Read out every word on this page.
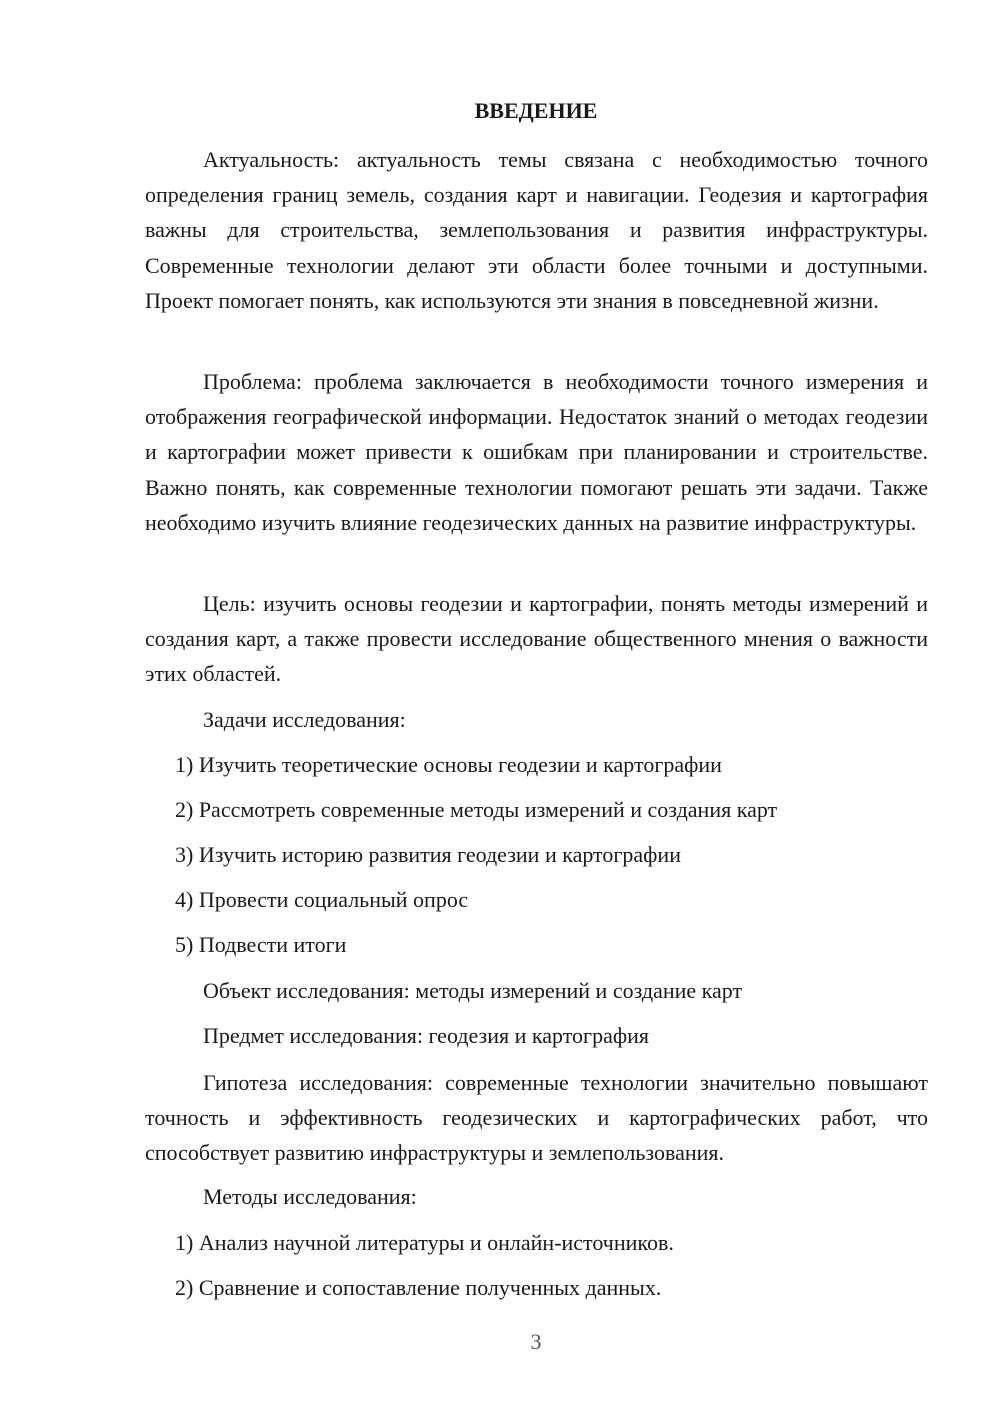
ВВЕДЕНИЕ

Актуальность: актуальность темы связана с необходимостью точного определения границ земель, создания карт и навигации. Геодезия и картография важны для строительства, землепользования и развития инфраструктуры. Современные технологии делают эти области более точными и доступными. Проект помогает понять, как используются эти знания в повседневной жизни.

Проблема: проблема заключается в необходимости точного измерения и отображения географической информации. Недостаток знаний о методах геодезии и картографии может привести к ошибкам при планировании и строительстве. Важно понять, как современные технологии помогают решать эти задачи. Также необходимо изучить влияние геодезических данных на развитие инфраструктуры.

Цель: изучить основы геодезии и картографии, понять методы измерений и создания карт, а также провести исследование общественного мнения о важности этих областей.

Задачи исследования:

1) Изучить теоретические основы геодезии и картографии

2) Рассмотреть современные методы измерений и создания карт

3) Изучить историю развития геодезии и картографии

4) Провести социальный опрос

5) Подвести итоги

Объект исследования: методы измерений и создание карт

Предмет исследования: геодезия и картография

Гипотеза исследования: современные технологии значительно повышают точность и эффективность геодезических и картографических работ, что способствует развитию инфраструктуры и землепользования.

Методы исследования:

1) Анализ научной литературы и онлайн-источников.

2) Сравнение и сопоставление полученных данных.

3
